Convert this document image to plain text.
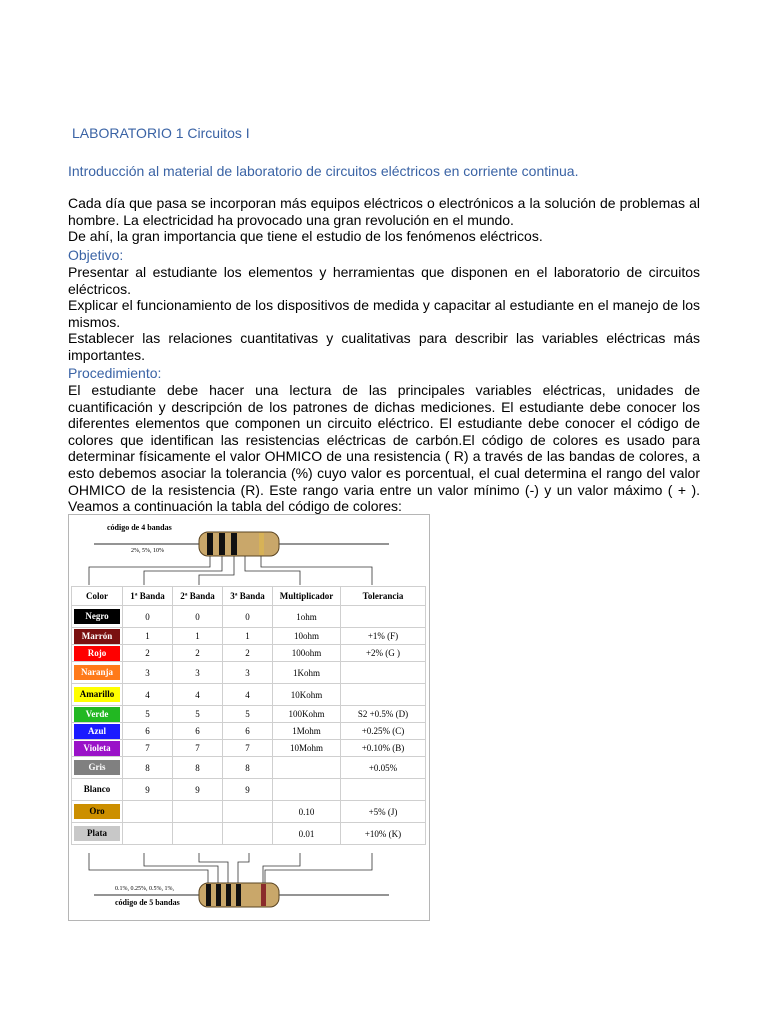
LABORATORIO 1 Circuitos I
Introducción al material de laboratorio de circuitos eléctricos en corriente continua.

Cada día que pasa se incorporan más equipos eléctricos o electrónicos a la solución de problemas al hombre. La electricidad ha provocado una gran revolución en el mundo.

De ahí, la gran importancia que tiene el estudio de los fenómenos eléctricos.

Objetivo:

Presentar al estudiante los elementos y herramientas que disponen en el laboratorio de circuitos eléctricos.

Explicar el funcionamiento de los dispositivos de medida y capacitar al estudiante en el manejo de los mismos.

Establecer las relaciones cuantitativas y cualitativas para describir las variables eléctricas más importantes.

Procedimiento:

El estudiante debe hacer una lectura de las principales variables eléctricas, unidades de cuantificación y descripción de los patrones de dichas mediciones. El estudiante debe conocer los diferentes elementos que componen un circuito eléctrico. El estudiante debe conocer el código de colores que identifican las resistencias eléctricas de carbón.El código de colores es usado para determinar físicamente el valor OHMICO de una resistencia ( R) a través de las bandas de colores, a esto debemos asociar la tolerancia (%) cuyo valor es porcentual, el cual determina el rango del valor OHMICO de la resistencia (R). Este rango varia entre un valor mínimo (-) y un valor máximo ( + ). Veamos a continuación la tabla del código de colores:

código de 4 bandas
2%, 5%, 10%
Color	1ª Banda	2ª Banda	3ª Banda	Multiplicador	Tolerancia

Negro	0	0	0	1ohm	

Marrón	1	1	1	10ohm	+1% (F)

Rojo	2	2	2	100ohm	+2% (G )

Naranja	3	3	3	1Kohm	

Amarillo	4	4	4	10Kohm	

Verde	5	5	5	100Kohm	S2 +0.5% (D)

Azul	6	6	6	1Mohm	+0.25% (C)

Violeta	7	7	7	10Mohm	+0.10% (B)

Gris	8	8	8		+0.05%

Blanco	9	9	9		

Oro				0.10	+5% (J)

Plata				0.01	+10% (K)
0.1%, 0.25%, 0.5%, 1%,
código de 5 bandas
